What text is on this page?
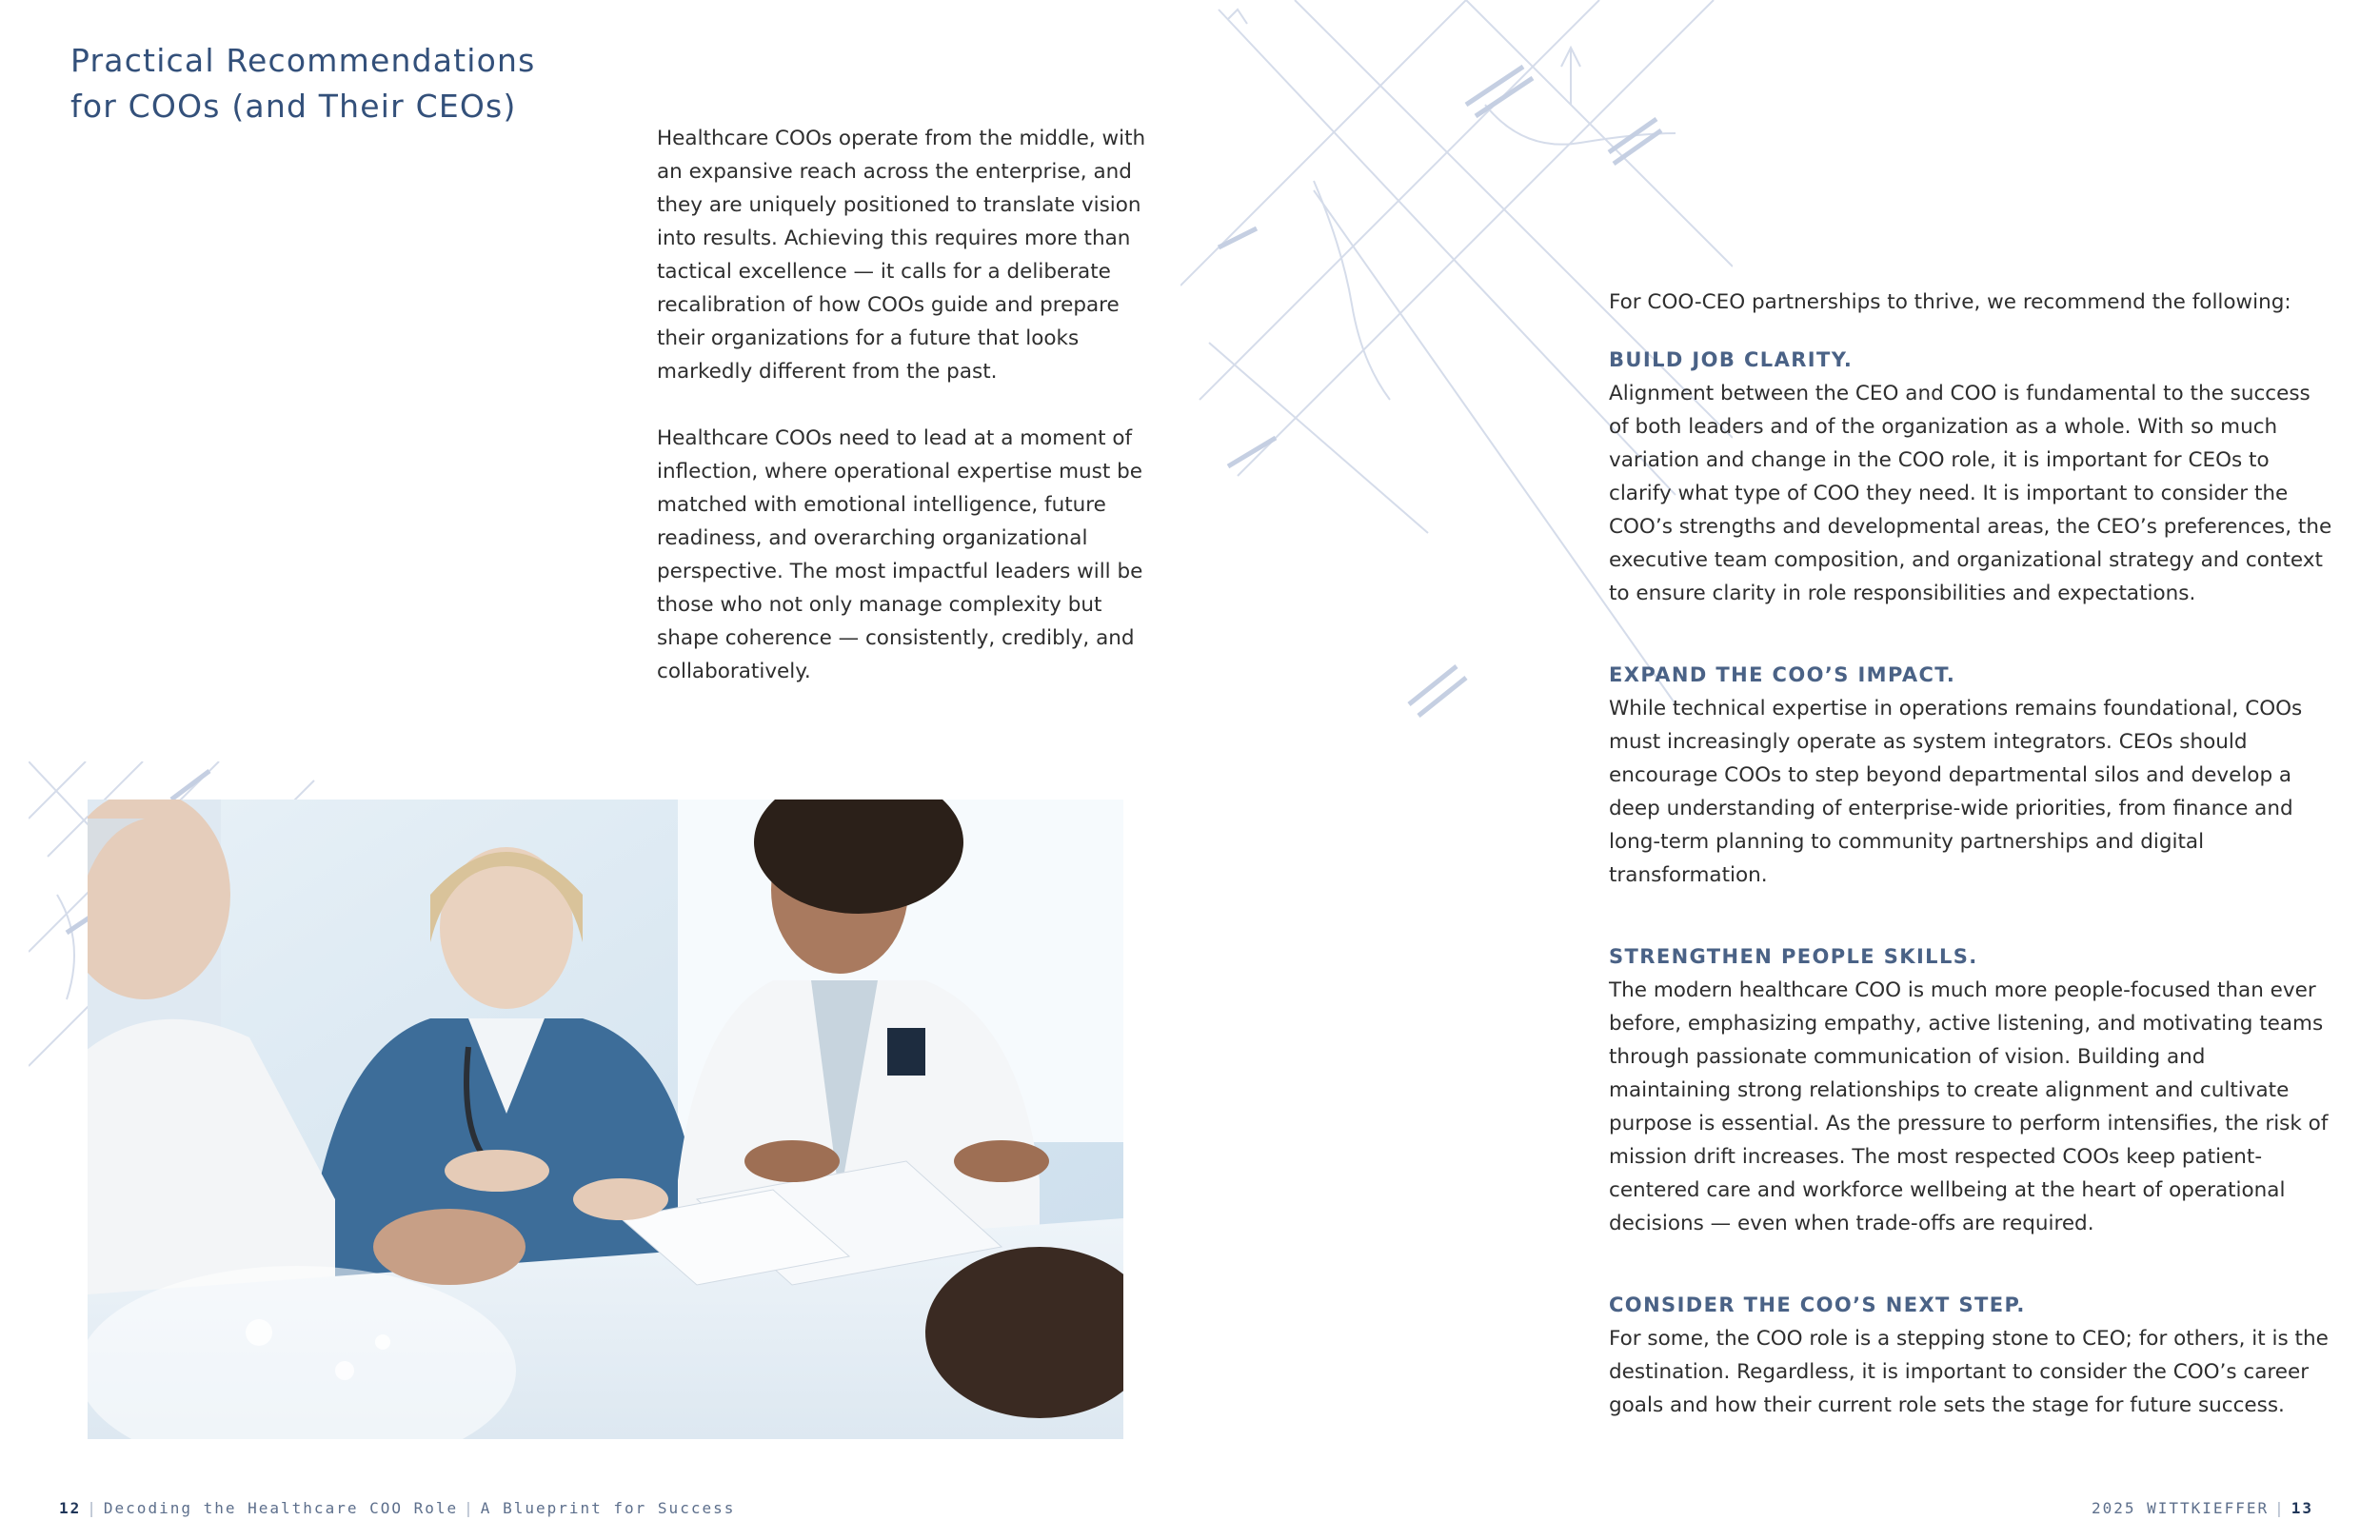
Practical Recommendations
for COOs (and Their CEOs)

Healthcare COOs operate from the middle, with an expansive reach across the enterprise, and they are uniquely positioned to translate vision into results. Achieving this requires more than tactical excellence — it calls for a deliberate recalibration of how COOs guide and prepare their organizations for a future that looks markedly different from the past.

Healthcare COOs need to lead at a moment of inflection, where operational expertise must be matched with emotional intelligence, future readiness, and overarching organizational perspective. The most impactful leaders will be those who not only manage complexity but shape coherence — consistently, credibly, and collaboratively.

For COO-CEO partnerships to thrive, we recommend the following:

BUILD JOB CLARITY.

Alignment between the CEO and COO is fundamental to the success of both leaders and of the organization as a whole. With so much variation and change in the COO role, it is important for CEOs to clarify what type of COO they need. It is important to consider the COO’s strengths and developmental areas, the CEO’s preferences, the executive team composition, and organizational strategy and context to ensure clarity in role responsibilities and expectations.

EXPAND THE COO’S IMPACT.

While technical expertise in operations remains foundational, COOs must increasingly operate as system integrators. CEOs should encourage COOs to step beyond departmental silos and develop a deep understanding of enterprise-wide priorities, from finance and long-term planning to community partnerships and digital transformation.

STRENGTHEN PEOPLE SKILLS.

The modern healthcare COO is much more people-focused than ever before, emphasizing empathy, active listening, and motivating teams through passionate communication of vision. Building and maintaining strong relationships to create alignment and cultivate purpose is essential. As the pressure to perform intensifies, the risk of mission drift increases. The most respected COOs keep patient-centered care and workforce wellbeing at the heart of operational decisions — even when trade-offs are required.

CONSIDER THE COO’S NEXT STEP.

For some, the COO role is a stepping stone to CEO; for others, it is the destination. Regardless, it is important to consider the COO’s career goals and how their current role sets the stage for future success.

12 | Decoding the Healthcare COO Role | A Blueprint for Success	2025 WITTKIEFFER | 13
